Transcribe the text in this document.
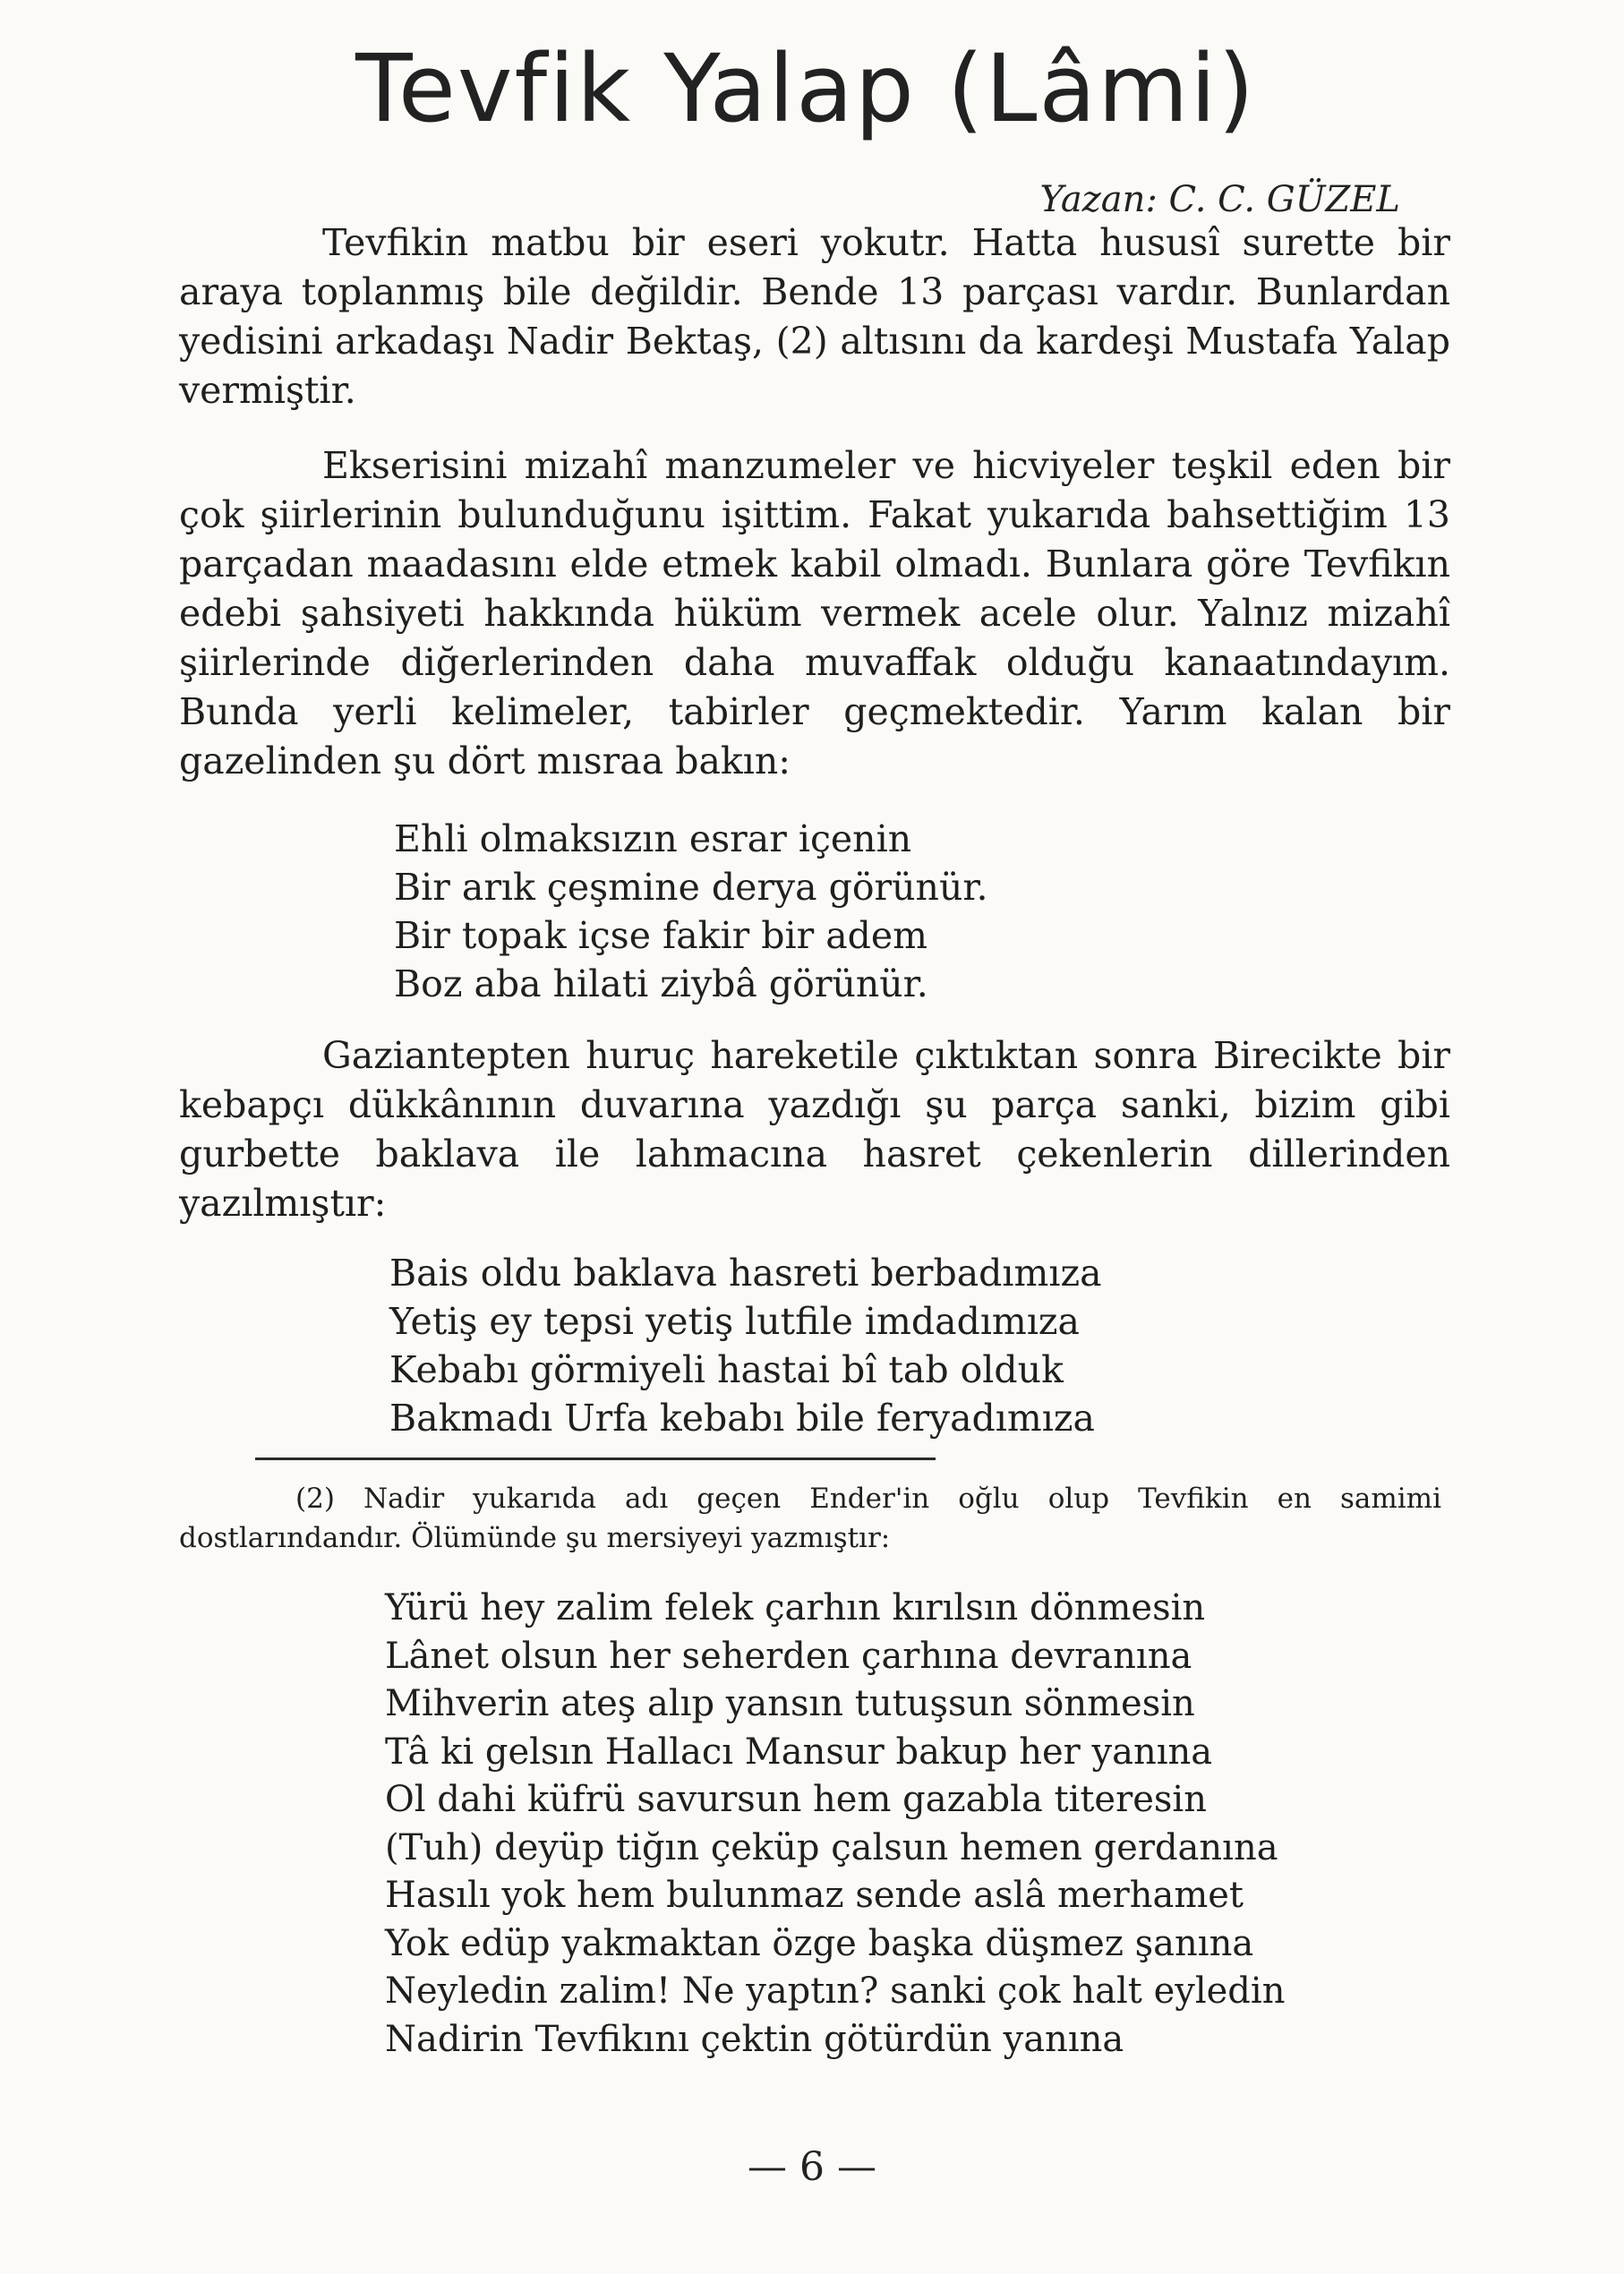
Tevfik Yalap (Lâmi)
Yazan: C. C. GÜZEL

Tevfikin matbu bir eseri yokutr. Hatta hususî surette bir araya toplanmış bile değildir. Bende 13 parçası vardır. Bunlardan yedisini arkadaşı Nadir Bektaş, (2) altısını da kardeşi Mustafa Yalap vermiştir.

Ekserisini mizahî manzumeler ve hicviyeler teşkil eden bir çok şiirlerinin bulunduğunu işittim. Fakat yukarıda bahsettiğim 13 parçadan maadasını elde etmek kabil olmadı. Bunlara göre Tevfikın edebi şahsiyeti hakkında hüküm vermek acele olur. Yalnız mizahî şiirlerinde diğerlerinden daha muvaffak olduğu kanaatındayım. Bunda yerli kelimeler, tabirler geçmektedir. Yarım kalan bir gazelinden şu dört mısraa bakın:

Ehli olmaksızın esrar içenin
Bir arık çeşmine derya görünür.
Bir topak içse fakir bir adem
Boz aba hilati ziybâ görünür.

Gaziantepten huruç hareketile çıktıktan sonra Birecikte bir kebapçı dükkânının duvarına yazdığı şu parça sanki, bizim gibi gurbette baklava ile lahmacına hasret çekenlerin dillerinden yazılmıştır:

Bais oldu baklava hasreti berbadımıza
Yetiş ey tepsi yetiş lutfile imdadımıza
Kebabı görmiyeli hastai bî tab olduk
Bakmadı Urfa kebabı bile feryadımıza

(2) Nadir yukarıda adı geçen Ender'in oğlu olup Tevfikin en samimi dostlarındandır. Ölümünde şu mersiyeyi yazmıştır:

Yürü hey zalim felek çarhın kırılsın dönmesin
Lânet olsun her seherden çarhına devranına
Mihverin ateş alıp yansın tutuşsun sönmesin
Tâ ki gelsın Hallacı Mansur bakup her yanına
Ol dahi küfrü savursun hem gazabla titeresin
(Tuh) deyüp tiğın çeküp çalsun hemen gerdanına
Hasılı yok hem bulunmaz sende aslâ merhamet
Yok edüp yakmaktan özge başka düşmez şanına
Neyledin zalim! Ne yaptın? sanki çok halt eyledin
Nadirin Tevfikını çektin götürdün yanına
— 6 —
